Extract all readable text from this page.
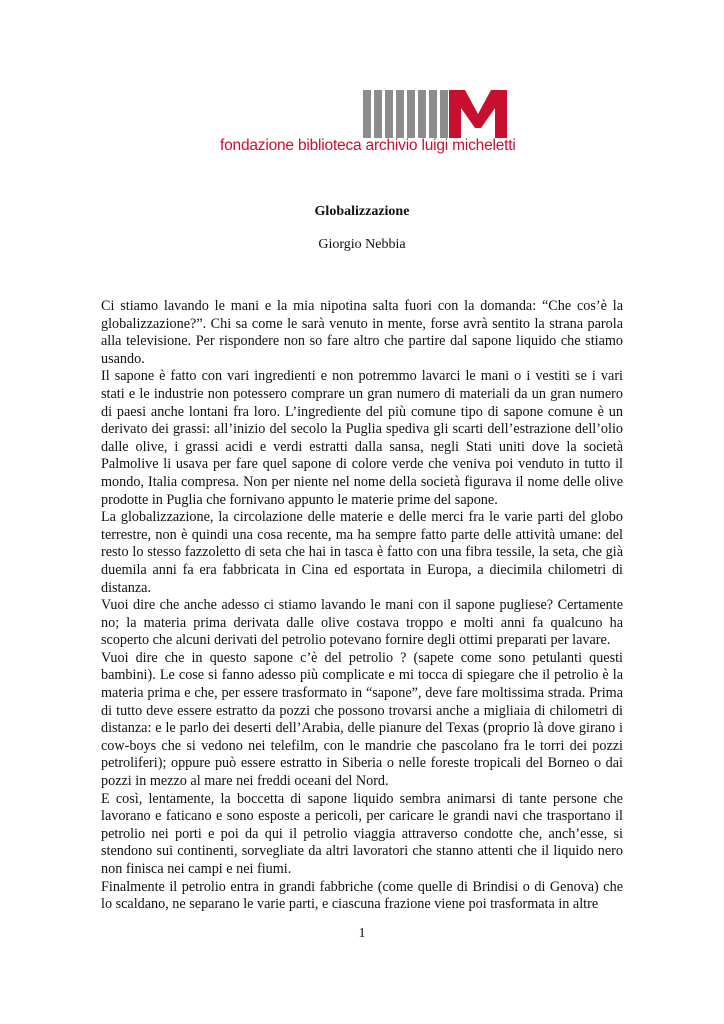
fondazione biblioteca archivio luigi micheletti
Globalizzazione
Giorgio Nebbia

Ci stiamo lavando le mani e la mia nipotina salta fuori con la domanda: “Che cos’è la globalizzazione?”. Chi sa come le sarà venuto in mente, forse avrà sentito la strana parola alla televisione. Per rispondere non so fare altro che partire dal sapone liquido che stiamo usando.

Il sapone è fatto con vari ingredienti e non potremmo lavarci le mani o i vestiti se i vari stati e le industrie non potessero comprare un gran numero di materiali da un gran numero di paesi anche lontani fra loro. L’ingrediente del più comune tipo di sapone comune è un derivato dei grassi: all’inizio del secolo la Puglia spediva gli scarti dell’estrazione dell’olio dalle olive, i grassi acidi e verdi estratti dalla sansa, negli Stati uniti dove la società Palmolive li usava per fare quel sapone di colore verde che veniva poi venduto in tutto il mondo, Italia compresa. Non per niente nel nome della società figurava il nome delle olive prodotte in Puglia che fornivano appunto le materie prime del sapone.

La globalizzazione, la circolazione delle materie e delle merci fra le varie parti del globo terrestre, non è quindi una cosa recente, ma ha sempre fatto parte delle attività umane: del resto lo stesso fazzoletto di seta che hai in tasca è fatto con una fibra tessile, la seta, che già duemila anni fa era fabbricata in Cina ed esportata in Europa, a diecimila chilometri di distanza.

Vuoi dire che anche adesso ci stiamo lavando le mani con il sapone pugliese? Certamente no; la materia prima derivata dalle olive costava troppo e molti anni fa qualcuno ha scoperto che alcuni derivati del petrolio potevano fornire degli ottimi preparati per lavare.

Vuoi dire che in questo sapone c’è del petrolio ? (sapete come sono petulanti questi bambini). Le cose si fanno adesso più complicate e mi tocca di spiegare che il petrolio è la materia prima e che, per essere trasformato in “sapone”, deve fare moltissima strada. Prima di tutto deve essere estratto da pozzi che possono trovarsi anche a migliaia di chilometri di distanza: e le parlo dei deserti dell’Arabia, delle pianure del Texas (proprio là dove girano i cow-boys che si vedono nei telefilm, con le mandrie che pascolano fra le torri dei pozzi petroliferi); oppure può essere estratto in Siberia o nelle foreste tropicali del Borneo o dai pozzi in mezzo al mare nei freddi oceani del Nord.

E così, lentamente, la boccetta di sapone liquido sembra animarsi di tante persone che lavorano e faticano e sono esposte a pericoli, per caricare le grandi navi che trasportano il petrolio nei porti e poi da qui il petrolio viaggia attraverso condotte che, anch’esse, si stendono sui continenti, sorvegliate da altri lavoratori che stanno attenti che il liquido nero non finisca nei campi e nei fiumi.

Finalmente il petrolio entra in grandi fabbriche (come quelle di Brindisi o di Genova) che lo scaldano, ne separano le varie parti, e ciascuna frazione viene poi trasformata in altre

1
